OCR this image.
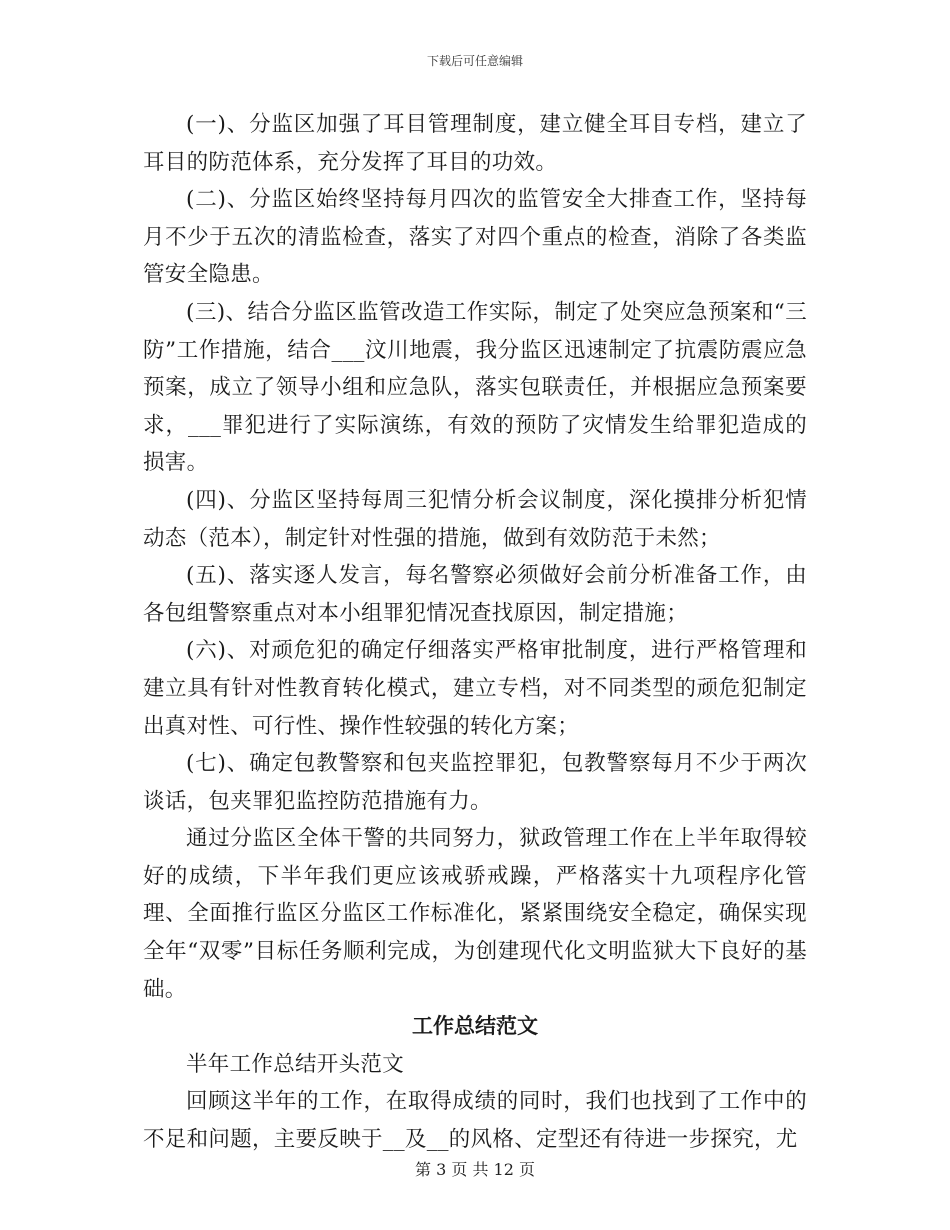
下载后可任意编辑

(一)、分监区加强了耳目管理制度，建立健全耳目专档，建立了耳目的防范体系，充分发挥了耳目的功效。

(二)、分监区始终坚持每月四次的监管安全大排查工作，坚持每月不少于五次的清监检查，落实了对四个重点的检查，消除了各类监管安全隐患。

(三)、结合分监区监管改造工作实际，制定了处突应急预案和“三防”工作措施，结合___汶川地震，我分监区迅速制定了抗震防震应急预案，成立了领导小组和应急队，落实包联责任，并根据应急预案要求，___罪犯进行了实际演练，有效的预防了灾情发生给罪犯造成的损害。

(四)、分监区坚持每周三犯情分析会议制度，深化摸排分析犯情动态（范本），制定针对性强的措施，做到有效防范于未然；

(五)、落实逐人发言，每名警察必须做好会前分析准备工作，由各包组警察重点对本小组罪犯情况查找原因，制定措施；

(六)、对顽危犯的确定仔细落实严格审批制度，进行严格管理和建立具有针对性教育转化模式，建立专档，对不同类型的顽危犯制定出真对性、可行性、操作性较强的转化方案；

(七)、确定包教警察和包夹监控罪犯，包教警察每月不少于两次谈话，包夹罪犯监控防范措施有力。

通过分监区全体干警的共同努力，狱政管理工作在上半年取得较好的成绩，下半年我们更应该戒骄戒躁，严格落实十九项程序化管理、全面推行监区分监区工作标准化，紧紧围绕安全稳定，确保实现全年“双零”目标任务顺利完成，为创建现代化文明监狱大下良好的基础。

工作总结范文

半年工作总结开头范文

回顾这半年的工作，在取得成绩的同时，我们也找到了工作中的不足和问题，主要反映于__及__的风格、定型还有待进一步探究，尤

第 3 页 共 12 页
